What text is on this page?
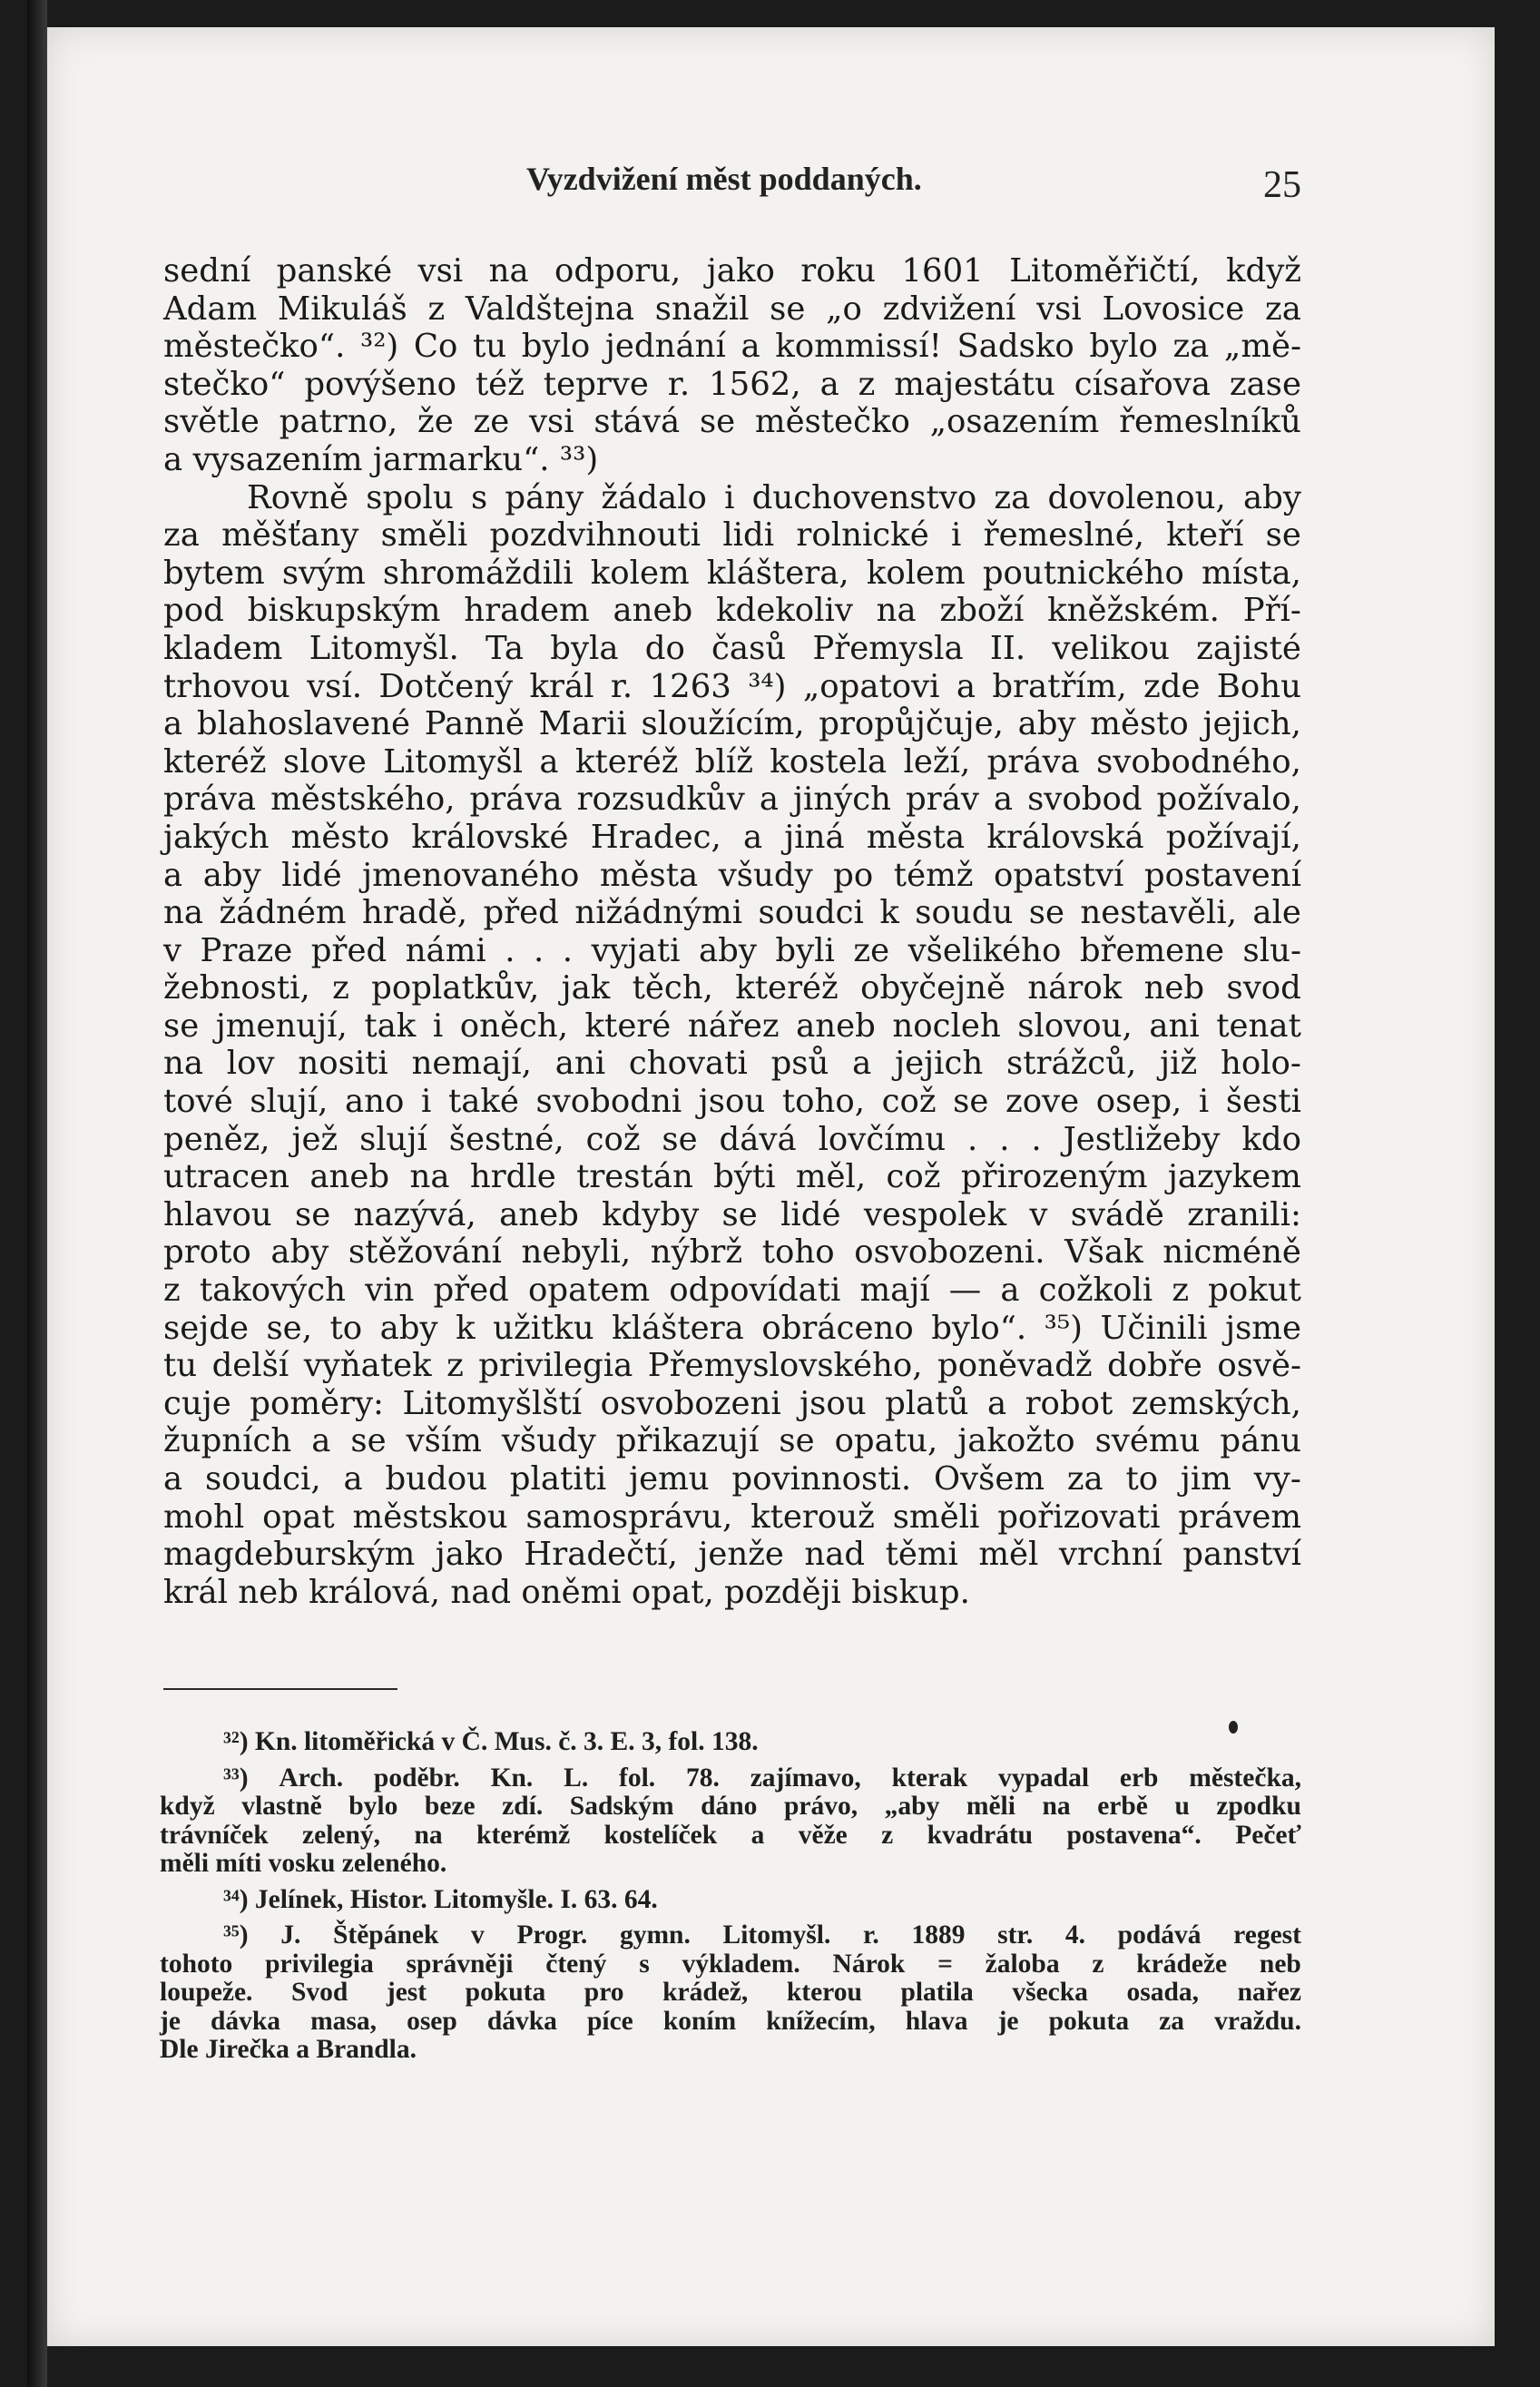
Vyzdvižení měst poddaných.	25
sední panské vsi na odporu, jako roku 1601 Litoměřičtí, když
Adam Mikuláš z Valdštejna snažil se „o zdvižení vsi Lovosice za
městečko“. ³²) Co tu bylo jednání a kommissí! Sadsko bylo za „mě-
stečko“ povýšeno též teprve r. 1562, a z majestátu císařova zase
světle patrno, že ze vsi stává se městečko „osazením řemeslníků
a vysazením jarmarku“. ³³)
Rovně spolu s pány žádalo i duchovenstvo za dovolenou, aby
za měšťany směli pozdvihnouti lidi rolnické i řemeslné, kteří se
bytem svým shromáždili kolem kláštera, kolem poutnického místa,
pod biskupským hradem aneb kdekoliv na zboží kněžském. Pří-
kladem Litomyšl. Ta byla do časů Přemysla II. velikou zajisté
trhovou vsí. Dotčený král r. 1263 ³⁴) „opatovi a bratřím, zde Bohu
a blahoslavené Panně Marii sloužícím, propůjčuje, aby město jejich,
kteréž slove Litomyšl a kteréž blíž kostela leží, práva svobodného,
práva městského, práva rozsudkův a jiných práv a svobod požívalo,
jakých město královské Hradec, a jiná města královská požívají,
a aby lidé jmenovaného města všudy po témž opatství postavení
na žádném hradě, před nižádnými soudci k soudu se nestavěli, ale
v Praze před námi . . . vyjati aby byli ze všelikého břemene slu-
žebnosti, z poplatkův, jak těch, kteréž obyčejně nárok neb svod
se jmenují, tak i oněch, které nářez aneb nocleh slovou, ani tenat
na lov nositi nemají, ani chovati psů a jejich strážců, již holo-
tové slují, ano i také svobodni jsou toho, což se zove osep, i šesti
peněz, jež slují šestné, což se dává lovčímu . . . Jestližeby kdo
utracen aneb na hrdle trestán býti měl, což přirozeným jazykem
hlavou se nazývá, aneb kdyby se lidé vespolek v svádě zranili:
proto aby stěžování nebyli, nýbrž toho osvobozeni. Však nicméně
z takových vin před opatem odpovídati mají — a cožkoli z pokut
sejde se, to aby k užitku kláštera obráceno bylo“. ³⁵) Učinili jsme
tu delší vyňatek z privilegia Přemyslovského, poněvadž dobře osvě-
cuje poměry: Litomyšlští osvobozeni jsou platů a robot zemských,
župních a se vším všudy přikazují se opatu, jakožto svému pánu
a soudci, a budou platiti jemu povinnosti. Ovšem za to jim vy-
mohl opat městskou samosprávu, kterouž směli pořizovati právem
magdeburským jako Hradečtí, jenže nad těmi měl vrchní panství
král neb králová, nad oněmi opat, později biskup.
³²) Kn. litoměřická v Č. Mus. č. 3. E. 3, fol. 138.
³³) Arch. poděbr. Kn. L. fol. 78. zajímavo, kterak vypadal erb městečka,
když vlastně bylo beze zdí. Sadským dáno právo, „aby měli na erbě u zpodku
trávníček zelený, na kterémž kostelíček a věže z kvadrátu postavena“. Pečeť
měli míti vosku zeleného.
³⁴) Jelínek, Histor. Litomyšle. I. 63. 64.
³⁵) J. Štěpánek v Progr. gymn. Litomyšl. r. 1889 str. 4. podává regest
tohoto privilegia správněji čtený s výkladem. Nárok = žaloba z krádeže neb
loupeže. Svod jest pokuta pro krádež, kterou platila všecka osada, nařez
je dávka masa, osep dávka píce koním knížecím, hlava je pokuta za vraždu.
Dle Jirečka a Brandla.
